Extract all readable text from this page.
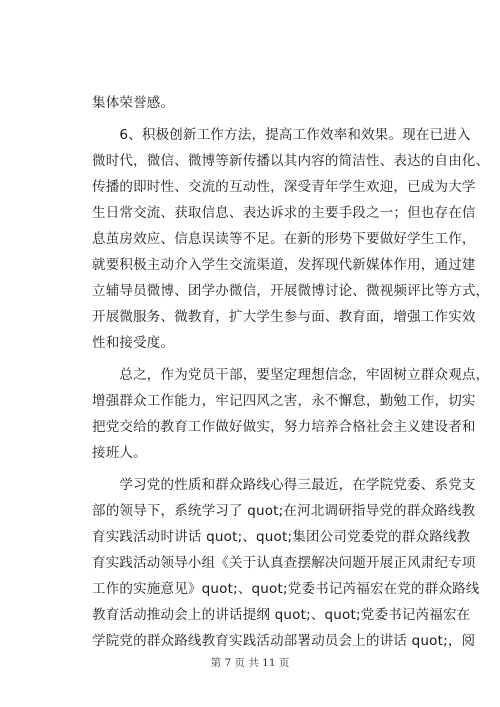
集体荣誉感。
　　6、积极创新工作方法，提高工作效率和效果。现在已进入
微时代，微信、微博等新传播以其内容的简洁性、表达的自由化、
传播的即时性、交流的互动性，深受青年学生欢迎，已成为大学
生日常交流、获取信息、表达诉求的主要手段之一；但也存在信
息茧房效应、信息误读等不足。在新的形势下要做好学生工作，
就要积极主动介入学生交流渠道，发挥现代新媒体作用，通过建
立辅导员微博、团学办微信，开展微博讨论、微视频评比等方式，
开展微服务、微教育，扩大学生参与面、教育面，增强工作实效
性和接受度。
　　总之，作为党员干部，要坚定理想信念，牢固树立群众观点，
增强群众工作能力，牢记四风之害，永不懈怠，勤勉工作，切实
把党交给的教育工作做好做实，努力培养合格社会主义建设者和
接班人。
　　学习党的性质和群众路线心得三最近，在学院党委、系党支
部的领导下，系统学习了 quot;在河北调研指导党的群众路线教
育实践活动时讲话 quot;、quot;集团公司党委党的群众路线教
育实践活动领导小组《关于认真查摆解决问题开展正风肃纪专项
工作的实施意见》quot;、quot;党委书记芮福宏在党的群众路线
教育活动推动会上的讲话提纲 quot;、quot;党委书记芮福宏在
学院党的群众路线教育实践活动部署动员会上的讲话 quot;，阅
第 7 页 共 11 页
